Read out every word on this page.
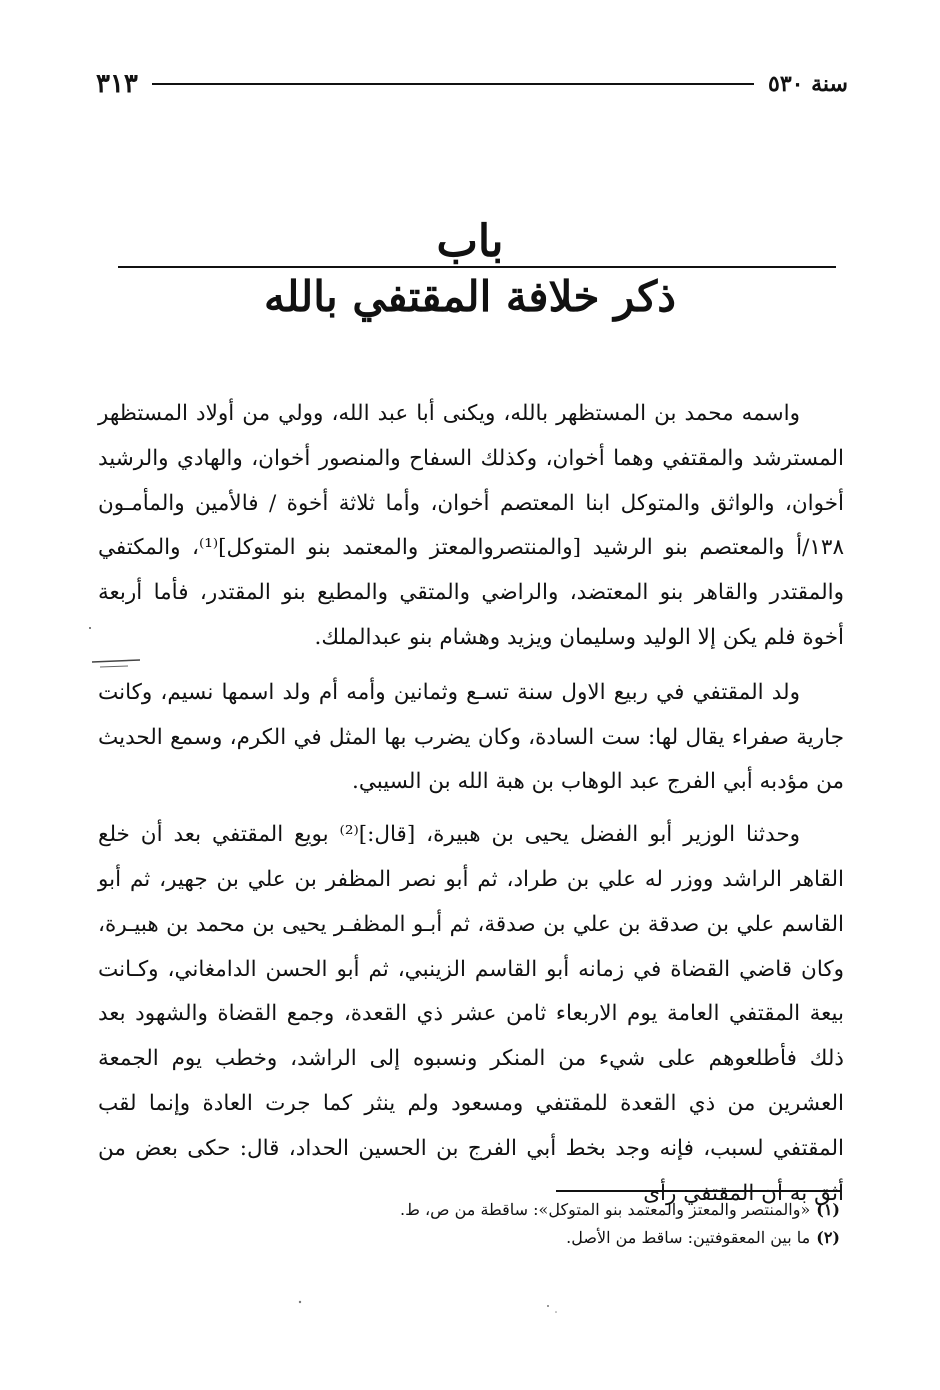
سنة ٥٣٠
٣١٣
باب
ذكر خلافة المقتفي بالله

واسمه محمد بن المستظهر بالله، ويكنى أبا عبد الله، وولي من أولاد المستظهر المسترشد والمقتفي وهما أخوان، وكذلك السفاح والمنصور أخوان، والهادي والرشيد أخوان، والواثق والمتوكل ابنا المعتصم أخوان، وأما ثلاثة أخوة / فالأمين والمأمـون ١٣٨/أ والمعتصم بنو الرشيد [والمنتصروالمعتز والمعتمد بنو المتوكل]⁽¹⁾، والمكتفي والمقتدر والقاهر بنو المعتضد، والراضي والمتقي والمطيع بنو المقتدر، فأما أربعة أخوة فلم يكن إلا الوليد وسليمان ويزيد وهشام بنو عبدالملك.

ولد المقتفي في ربيع الاول سنة تسـع وثمانين وأمه أم ولد اسمها نسيم، وكانت جارية صفراء يقال لها: ست السادة، وكان يضرب بها المثل في الكرم، وسمع الحديث من مؤدبه أبي الفرج عبد الوهاب بن هبة الله بن السيبي.

وحدثنا الوزير أبو الفضل يحيى بن هبيرة، [قال:]⁽²⁾ بويع المقتفي بعد أن خلع القاهر الراشد ووزر له علي بن طراد، ثم أبو نصر المظفر بن علي بن جهير، ثم أبو القاسم علي بن صدقة بن علي بن صدقة، ثم أبـو المظفـر يحيى بن محمد بن هبيـرة، وكان قاضي القضاة في زمانه أبو القاسم الزينبي، ثم أبو الحسن الدامغاني، وكـانت بيعة المقتفي العامة يوم الاربعاء ثامن عشر ذي القعدة، وجمع القضاة والشهود بعد ذلك فأطلعوهم على شيء من المنكر ونسبوه إلى الراشد، وخطب يوم الجمعة العشرين من ذي القعدة للمقتفي ومسعود ولم ينثر كما جرت العادة وإنما لقب المقتفي لسبب، فإنه وجد بخط أبي الفرج بن الحسين الحداد، قال: حكى بعض من أثق به أن المقتفي رأى

(١)«والمنتصر والمعتز والمعتمد بنو المتوكل»: ساقطة من ص، ط.
(٢)ما بين المعقوفتين: ساقط من الأصل.
